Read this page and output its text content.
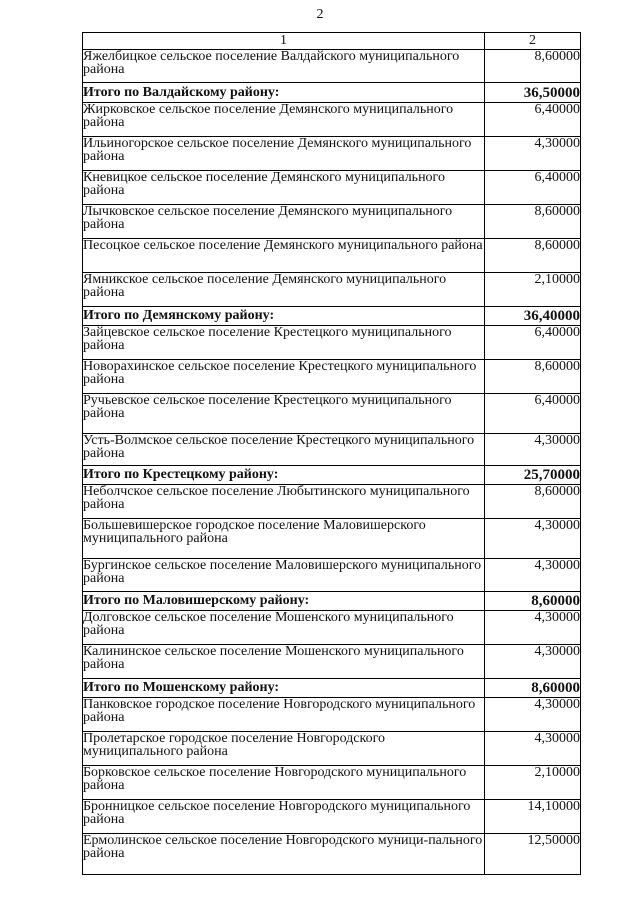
2
1	2
Яжелбицкое сельское поселение Валдайского муниципального района	8,60000
Итого по Валдайскому району:	36,50000
Жирковское сельское поселение Демянского муниципального района	6,40000
Ильиногорское сельское поселение Демянского муниципального района	4,30000
Кневицкое сельское поселение Демянского муниципального района	6,40000
Лычковское сельское поселение Демянского муниципального района	8,60000
Песоцкое сельское поселение Демянского муниципального района	8,60000
Ямникское сельское поселение Демянского муниципального района	2,10000
Итого по Демянскому району:	36,40000
Зайцевское сельское поселение Крестецкого муниципального района	6,40000
Новорахинское сельское поселение Крестецкого муниципального района	8,60000
Ручьевское сельское поселение Крестецкого муниципального района	6,40000
Усть-Волмское сельское поселение Крестецкого муниципального района	4,30000
Итого по Крестецкому району:	25,70000
Неболчское сельское поселение Любытинского муниципального района	8,60000
Большевишерское городское поселение Маловишерского муниципального района	4,30000
Бургинское сельское поселение Маловишерского муниципального района	4,30000
Итого по Маловишерскому району:	8,60000
Долговское сельское поселение Мошенского муниципального района	4,30000
Калининское сельское поселение Мошенского муниципального района	4,30000
Итого по Мошенскому району:	8,60000
Панковское городское поселение Новгородского муниципального района	4,30000
Пролетарское городское поселение Новгородского муниципального района	4,30000
Борковское сельское поселение Новгородского муниципального района	2,10000
Бронницкое сельское поселение Новгородского муниципального района	14,10000
Ермолинское сельское поселение Новгородского муници-пального района	12,50000
